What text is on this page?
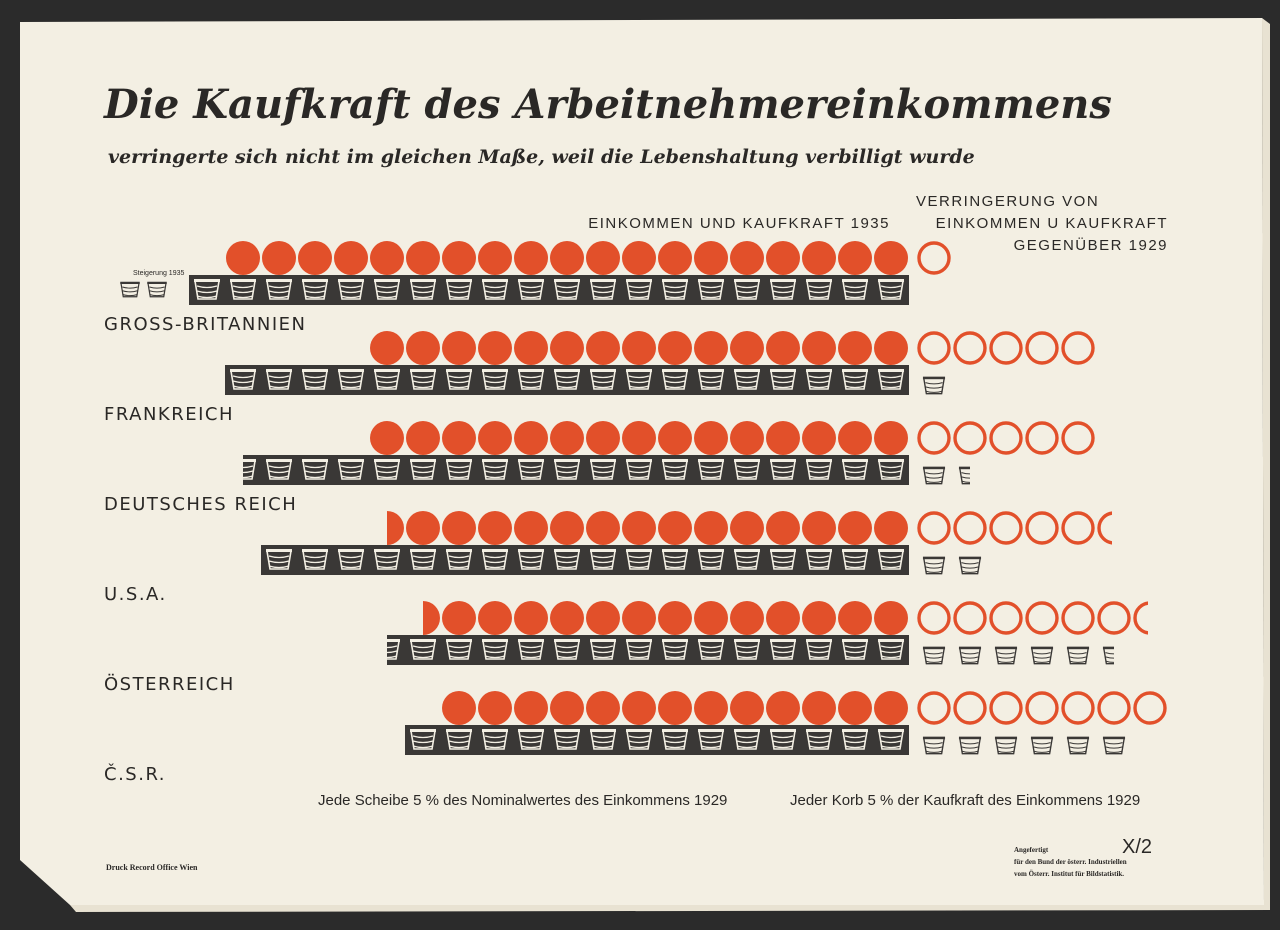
Die Kaufkraft des Arbeitnehmereinkommens
verringerte sich nicht im gleichen Maße, weil die Lebenshaltung verbilligt wurde
EINKOMMEN UND KAUFKRAFT 1935
VERRINGERUNG VON
EINKOMMEN U KAUFKRAFT
GEGENÜBER 1929
Steigerung 1935
GROSS-BRITANNIEN
FRANKREICH
DEUTSCHES REICH
U.S.A.
ÖSTERREICH
Č.S.R.
Jede Scheibe 5 % des Nominalwertes des Einkommens 1929	Jeder Korb 5 % der Kaufkraft des Einkommens 1929
Druck Record Office Wien
X/2
Angefertigt
für den Bund der österr. Industriellen
vom Österr. Institut für Bildstatistik.
